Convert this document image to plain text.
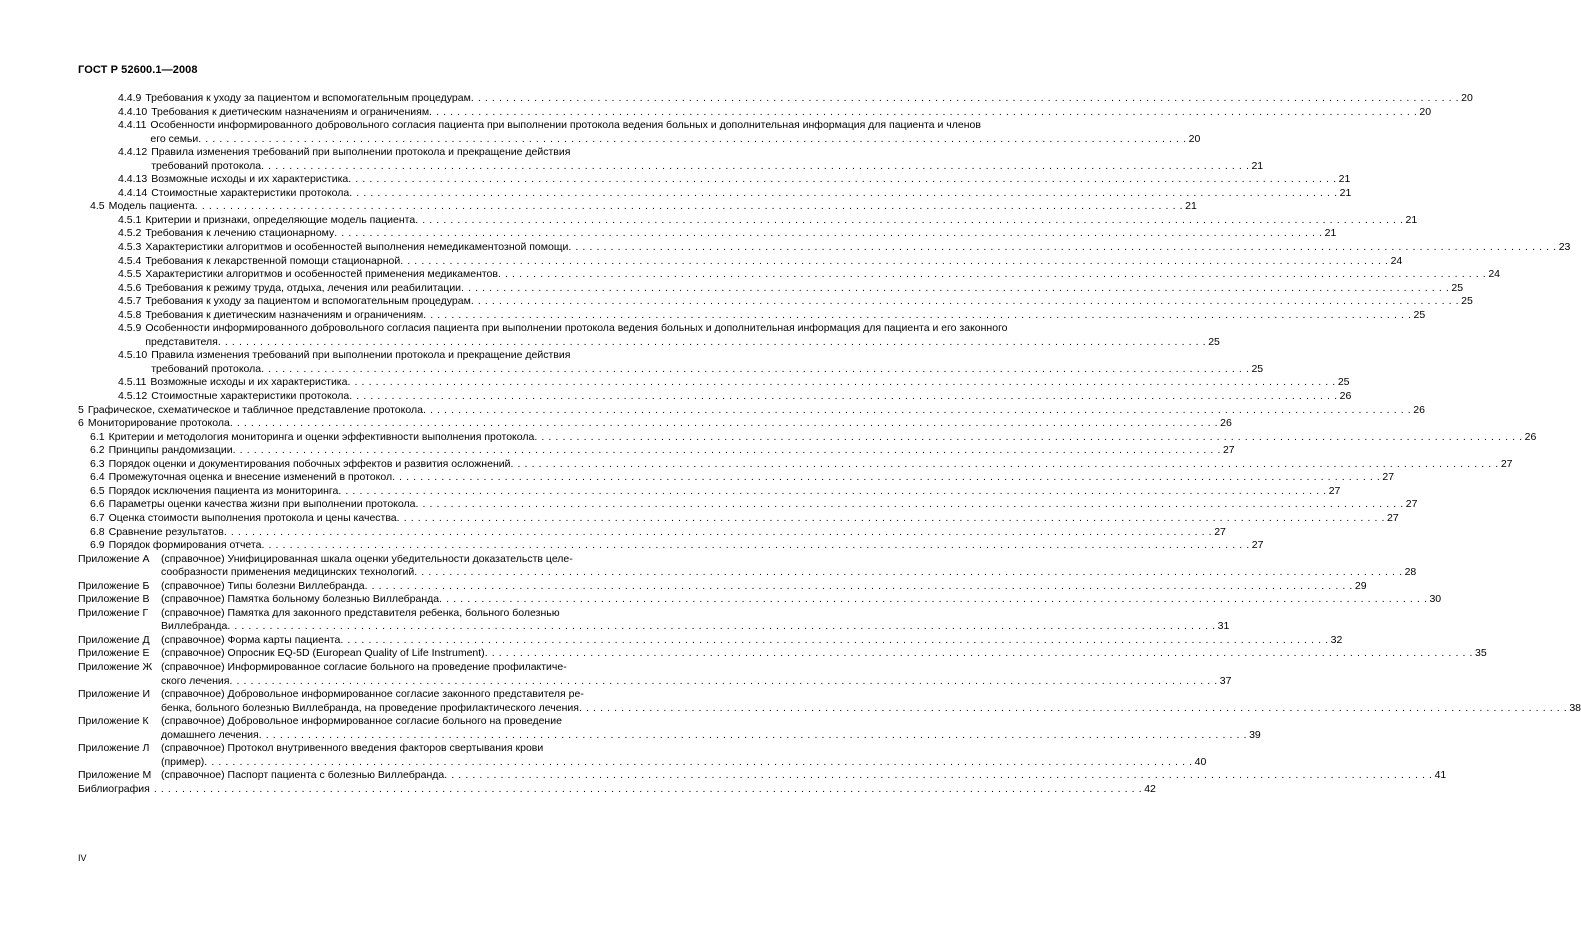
ГОСТ Р 52600.1—2008
4.4.9 Требования к уходу за пациентом и вспомогательным процедурам . . .	20
4.4.10 Требования к диетическим назначениям и ограничениям . . .	20
4.4.11 Особенности информированного добровольного согласия пациента при выполнении протокола ведения больных и дополнительная информация для пациента и членов
его семьи . . .	20
4.4.12 Правила изменения требований при выполнении протокола и прекращение действия
требований протокола . . .	21
4.4.13 Возможные исходы и их характеристика . . .	21
4.4.14 Стоимостные характеристики протокола . . .	21
4.5 Модель пациента . . .	21
4.5.1 Критерии и признаки, определяющие модель пациента . . .	21
4.5.2 Требования к лечению стационарному . . .	21
4.5.3 Характеристики алгоритмов и особенностей выполнения немедикаментозной помощи . . .	23
4.5.4 Требования к лекарственной помощи стационарной . . .	24
4.5.5 Характеристики алгоритмов и особенностей применения медикаментов . . .	24
4.5.6 Требования к режиму труда, отдыха, лечения или реабилитации . . .	25
4.5.7 Требования к уходу за пациентом и вспомогательным процедурам . . .	25
4.5.8 Требования к диетическим назначениям и ограничениям . . .	25
4.5.9 Особенности информированного добровольного согласия пациента при выполнении протокола ведения больных и дополнительная информация для пациента и его законного
представителя . . .	25
4.5.10 Правила изменения требований при выполнении протокола и прекращение действия
требований протокола . . .	25
4.5.11 Возможные исходы и их характеристика . . .	25
4.5.12 Стоимостные характеристики протокола . . .	26
5 Графическое, схематическое и табличное представление протокола . . .	26
6 Мониторирование протокола . . .	26
6.1 Критерии и методология мониторинга и оценки эффективности выполнения протокола . . .	26
6.2 Принципы рандомизации . . .	27
6.3 Порядок оценки и документирования побочных эффектов и развития осложнений . . .	27
6.4 Промежуточная оценка и внесение изменений в протокол . . .	27
6.5 Порядок исключения пациента из мониторинга . . .	27
6.6 Параметры оценки качества жизни при выполнении протокола . . .	27
6.7 Оценка стоимости выполнения протокола и цены качества . . .	27
6.8 Сравнение результатов . . .	27
6.9 Порядок формирования отчета . . .	27
Приложение А	(справочное) Унифицированная шкала оценки убедительности доказательств целе-
сообразности применения медицинских технологий . . .	28
Приложение Б	(справочное) Типы болезни Виллебранда . . .	29
Приложение В	(справочное) Памятка больному болезнью Виллебранда . . .	30
Приложение Г	(справочное) Памятка для законного представителя ребенка, больного болезнью
Виллебранда . . .	31
Приложение Д	(справочное) Форма карты пациента . . .	32
Приложение Е	(справочное) Опросник EQ-5D (European Quality of Life Instrument) . . .	35
Приложение Ж (справочное) Информированное согласие больного на проведение профилактиче-
ского лечения . . .	37
Приложение И	(справочное) Добровольное информированное согласие законного представителя ре-
бенка, больного болезнью Виллебранда, на проведение профилактического лечения . . .	38
Приложение К	(справочное) Добровольное информированное согласие больного на проведение
домашнего лечения . . .	39
Приложение Л	(справочное) Протокол внутривенного введения факторов свертывания крови
(пример) . . .	40
Приложение М (справочное) Паспорт пациента с болезнью Виллебранда . . .	41
Библиография . . .	42
IV
